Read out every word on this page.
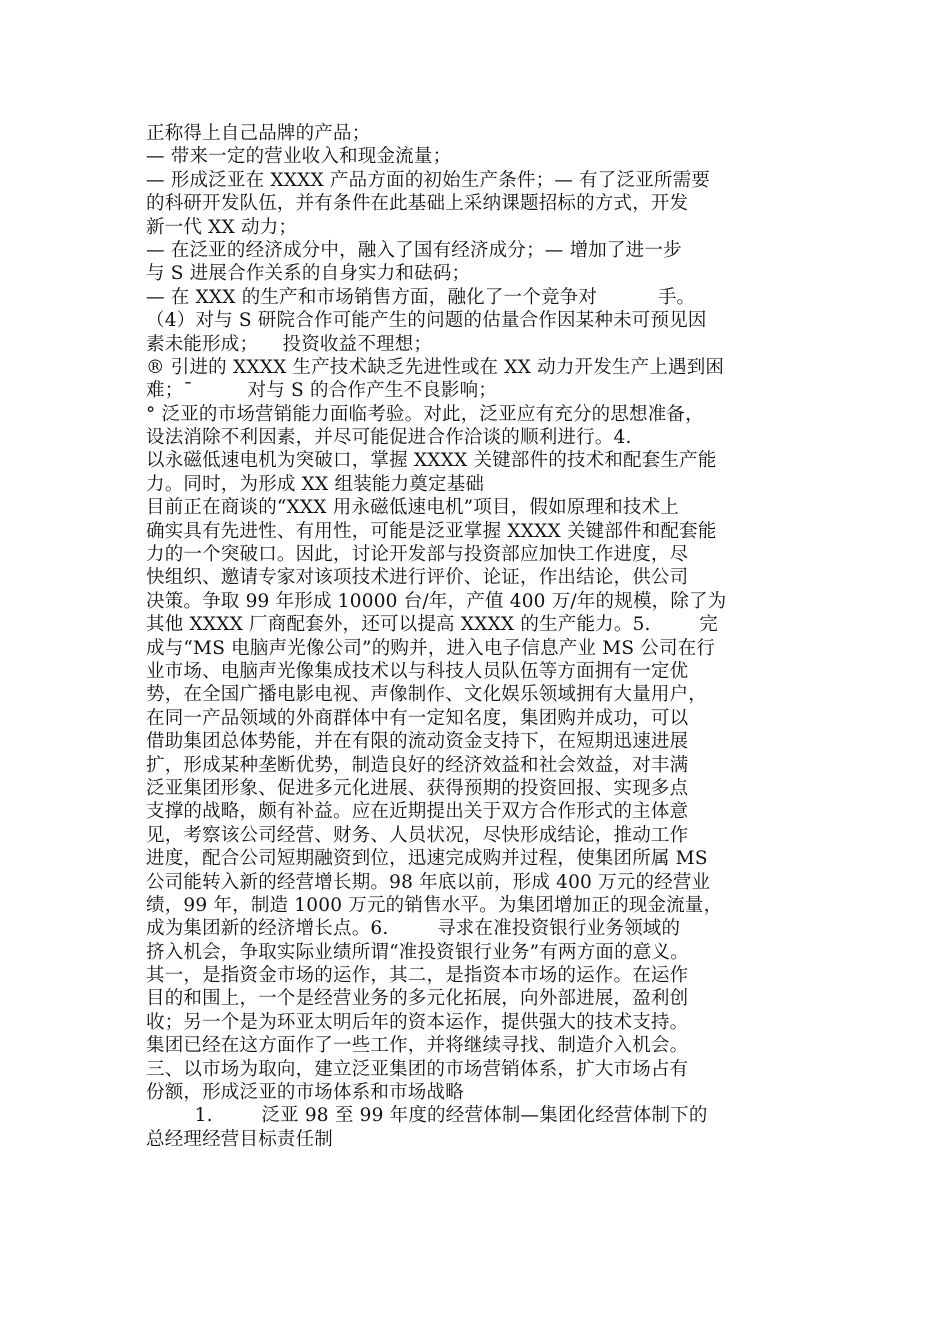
正称得上自己品牌的产品；
— 带来一定的营业收入和现金流量；
— 形成泛亚在 XXXX 产品方面的初始生产条件；— 有了泛亚所需要
的科研开发队伍，并有条件在此基础上采纳课题招标的方式，开发
新一代 XX 动力；
— 在泛亚的经济成分中，融入了国有经济成分；— 增加了进一步
与 S 进展合作关系的自身实力和砝码；
— 在 XXX 的生产和市场销售方面，融化了一个竞争对          手。
（4）对与 S 研院合作可能产生的问题的估量合作因某种未可预见因
素未能形成；    投资收益不理想；
® 引进的 XXXX 生产技术缺乏先进性或在 XX 动力开发生产上遇到困
难；ˉ         对与 S 的合作产生不良影响；
° 泛亚的市场营销能力面临考验。对此，泛亚应有充分的思想准备，
设法消除不利因素，并尽可能促进合作洽谈的顺利进行。4.
以永磁低速电机为突破口，掌握 XXXX 关键部件的技术和配套生产能
力。同时，为形成 XX 组装能力奠定基础
目前正在商谈的“XXX 用永磁低速电机”项目，假如原理和技术上
确实具有先进性、有用性，可能是泛亚掌握 XXXX 关键部件和配套能
力的一个突破口。因此，讨论开发部与投资部应加快工作进度，尽
快组织、邀请专家对该项技术进行评价、论证，作出结论，供公司
决策。争取 99 年形成 10000 台/年，产值 400 万/年的规模，除了为
其他 XXXX 厂商配套外，还可以提高 XXXX 的生产能力。5.        完
成与“MS 电脑声光像公司”的购并，进入电子信息产业 MS 公司在行
业市场、电脑声光像集成技术以与科技人员队伍等方面拥有一定优
势，在全国广播电影电视、声像制作、文化娱乐领域拥有大量用户，
在同一产品领域的外商群体中有一定知名度，集团购并成功，可以
借助集团总体势能，并在有限的流动资金支持下，在短期迅速进展
扩，形成某种垄断优势，制造良好的经济效益和社会效益，对丰满
泛亚集团形象、促进多元化进展、获得预期的投资回报、实现多点
支撑的战略，颇有补益。应在近期提出关于双方合作形式的主体意
见，考察该公司经营、财务、人员状况，尽快形成结论，推动工作
进度，配合公司短期融资到位，迅速完成购并过程，使集团所属 MS
公司能转入新的经营增长期。98 年底以前，形成 400 万元的经营业
绩，99 年，制造 1000 万元的销售水平。为集团增加正的现金流量，
成为集团新的经济增长点。6.        寻求在准投资银行业务领域的
挤入机会，争取实际业绩所谓“准投资银行业务”有两方面的意义。
其一，是指资金市场的运作，其二，是指资本市场的运作。在运作
目的和围上，一个是经营业务的多元化拓展，向外部进展，盈利创
收；另一个是为环亚太明后年的资本运作，提供强大的技术支持。
集团已经在这方面作了一些工作，并将继续寻找、制造介入机会。
三、以市场为取向，建立泛亚集团的市场营销体系，扩大市场占有
份额，形成泛亚的市场体系和市场战略
1.        泛亚 98 至 99 年度的经营体制—集团化经营体制下的
总经理经营目标责任制
